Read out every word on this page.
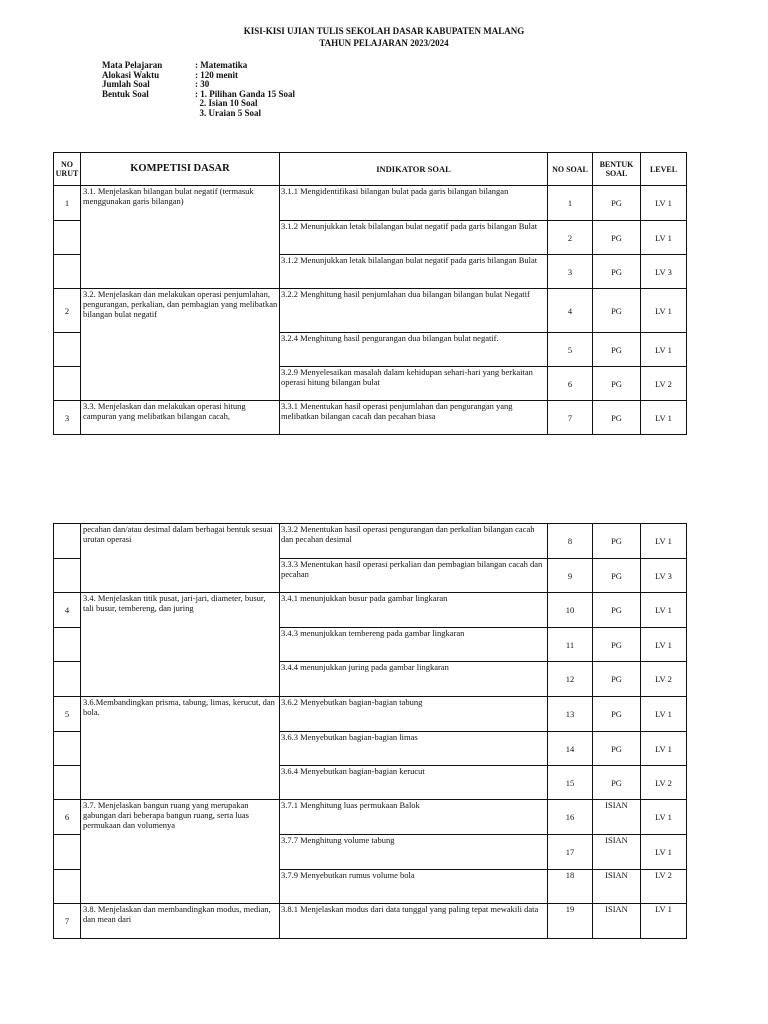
KISI-KISI UJIAN TULIS SEKOLAH DASAR KABUPATEN MALANG
TAHUN PELAJARAN 2023/2024
Mata Pelajaran	: Matematika
Alokasi Waktu	: 120 menit
Jumlah Soal	: 30
Bentuk Soal	: 1. Pilihan Ganda 15 Soal
2. Isian 10 Soal
3. Uraian 5 Soal
NO URUT	KOMPETISI DASAR	INDIKATOR SOAL	NO SOAL	BENTUK SOAL	LEVEL
1	3.1. Menjelaskan bilangan bulat negatif (termasuk menggunakan garis bilangan)	3.1.1 Mengidentifikasi bilangan bulat pada garis bilangan bilangan	1	PG	LV 1
		3.1.2 Menunjukkan letak bilalangan bulat negatif pada garis bilangan Bulat	2	PG	LV 1
		3.1.2 Menunjukkan letak bilalangan bulat negatif pada garis bilangan Bulat	3	PG	LV 3
2	3.2. Menjelaskan dan melakukan operasi penjumlahan, pengurangan, perkalian, dan pembagian yang melibatkan bilangan bulat negatif	3.2.2 Menghitung hasil penjumlahan dua bilangan bilangan bulat Negatif	4	PG	LV 1
		3.2.4 Menghitung hasil pengurangan dua bilangan bulat negatif.	5	PG	LV 1
		3.2.9 Menyelesaikan masalah dalam kehidupan sehari-hari yang berkaitan operasi hitung bilangan bulat	6	PG	LV 2
3	3.3. Menjelaskan dan melakukan operasi hitung campuran yang melibatkan bilangan cacah,	3.3.1 Menentukan hasil operasi penjumlahan dan pengurangan yang melibatkan bilangan cacah dan pecahan biasa	7	PG	LV 1
	pecahan dan/atau desimal dalam berbagai bentuk sesuai urutan operasi	3.3.2 Menentukan hasil operasi pengurangan dan perkalian bilangan cacah dan pecahan desimal	8	PG	LV 1
		3.3.3 Menentukan hasil operasi perkalian dan pembagian bilangan cacah dan pecahan	9	PG	LV 3
4	3.4. Menjelaskan titik pusat, jari-jari, diameter, busur, tali busur, tembereng, dan juring	3.4.1 menunjukkan busur pada gambar lingkaran	10	PG	LV 1
		3.4.3 menunjukkan tembereng pada gambar lingkaran	11	PG	LV 1
		3.4.4 menunjukkan juring pada gambar lingkaran	12	PG	LV 2
5	3.6.Membandingkan prisma, tabung, limas, kerucut, dan bola.	3.6.2 Menyebutkan bagian-bagian tabung	13	PG	LV 1
		3.6.3 Menyebutkan bagian-bagian limas	14	PG	LV 1
		3.6.4 Menyebutkan bagian-bagian kerucut	15	PG	LV 2
6	3.7. Menjelaskan bangun ruang yang merupakan gabungan dari beberapa bangun ruang, serta luas permukaan dan volumenya	3.7.1 Menghitung luas permukaan Balok	16	ISIAN	LV 1
		3.7.7 Menghitung volume tabung	17	ISIAN	LV 1
		3.7.9 Menyebutkan rumus volume bola	18	ISIAN	LV 2
7	3.8. Menjelaskan dan membandingkan modus, median, dan mean dari	3.8.1 Menjelaskan modus dari data tunggal yang paling tepat mewakili data	19	ISIAN	LV 1
